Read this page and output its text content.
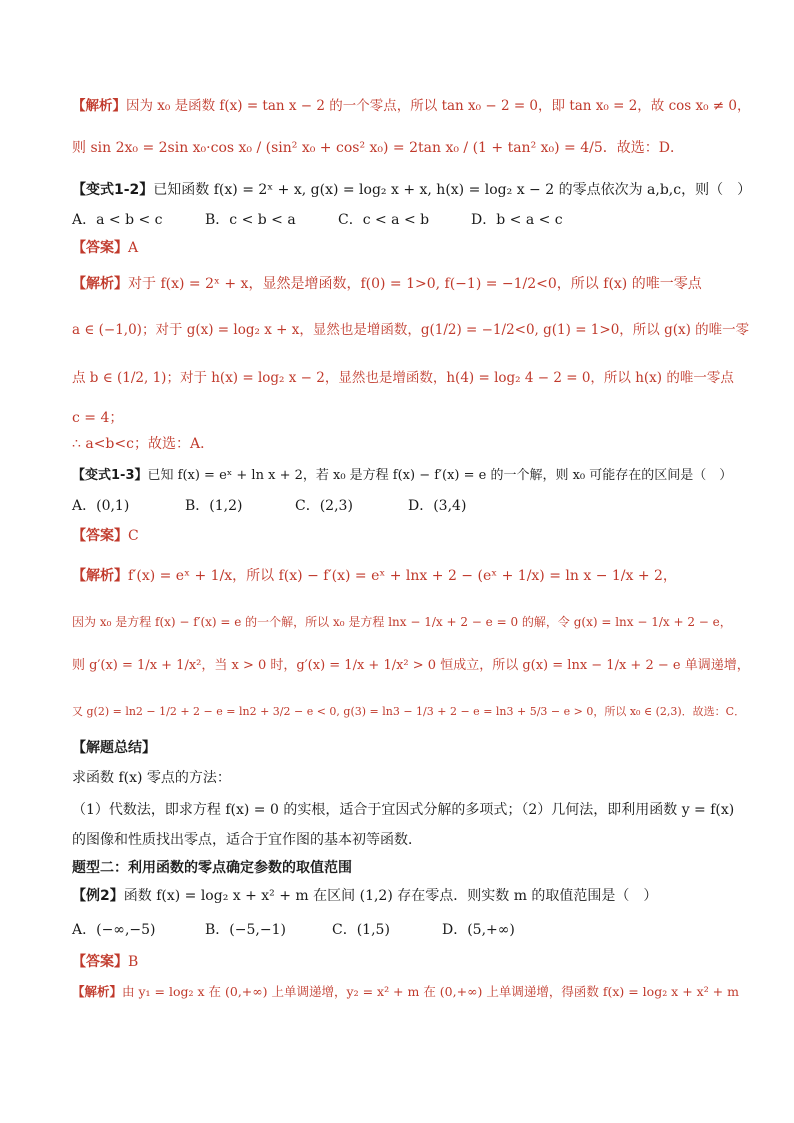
【解析】因为 x₀ 是函数 f(x) = tan x − 2 的一个零点，所以 tan x₀ − 2 = 0，即 tan x₀ = 2，故 cos x₀ ≠ 0，
则 sin 2x₀ = 2sin x₀·cos x₀ / (sin² x₀ + cos² x₀) = 2tan x₀ / (1 + tan² x₀) = 4/5．故选：D．
【变式1-2】已知函数 f(x) = 2ˣ + x, g(x) = log₂ x + x, h(x) = log₂ x − 2 的零点依次为 a,b,c，则（　）
A．a < b < c	B．c < b < a	C．c < a < b	D．b < a < c
【答案】A
【解析】对于 f(x) = 2ˣ + x，显然是增函数，f(0) = 1>0, f(−1) = −1/2<0，所以 f(x) 的唯一零点
a ∈ (−1,0)；对于 g(x) = log₂ x + x，显然也是增函数，g(1/2) = −1/2<0, g(1) = 1>0，所以 g(x) 的唯一零
点 b ∈ (1/2, 1)；对于 h(x) = log₂ x − 2，显然也是增函数，h(4) = log₂ 4 − 2 = 0，所以 h(x) 的唯一零点
c = 4；
∴ a<b<c；故选：A．
【变式1-3】已知 f(x) = eˣ + ln x + 2，若 x₀ 是方程 f(x) − f′(x) = e 的一个解，则 x₀ 可能存在的区间是（　）
A．(0,1)	B．(1,2)	C．(2,3)	D．(3,4)
【答案】C
【解析】f′(x) = eˣ + 1/x，所以 f(x) − f′(x) = eˣ + lnx + 2 − (eˣ + 1/x) = ln x − 1/x + 2，
因为 x₀ 是方程 f(x) − f′(x) = e 的一个解，所以 x₀ 是方程 lnx − 1/x + 2 − e = 0 的解，令 g(x) = lnx − 1/x + 2 − e，
则 g′(x) = 1/x + 1/x²，当 x > 0 时，g′(x) = 1/x + 1/x² > 0 恒成立，所以 g(x) = lnx − 1/x + 2 − e 单调递增，
又 g(2) = ln2 − 1/2 + 2 − e = ln2 + 3/2 − e < 0, g(3) = ln3 − 1/3 + 2 − e = ln3 + 5/3 − e > 0，所以 x₀ ∈ (2,3)．故选：C．
【解题总结】
求函数 f(x) 零点的方法：
（1）代数法，即求方程 f(x) = 0 的实根，适合于宜因式分解的多项式；（2）几何法，即利用函数 y = f(x)
的图像和性质找出零点，适合于宜作图的基本初等函数．
题型二：利用函数的零点确定参数的取值范围
【例2】函数 f(x) = log₂ x + x² + m 在区间 (1,2) 存在零点．则实数 m 的取值范围是（　）
A．(−∞,−5)	B．(−5,−1)	C．(1,5)	D．(5,+∞)
【答案】B
【解析】由 y₁ = log₂ x 在 (0,+∞) 上单调递增，y₂ = x² + m 在 (0,+∞) 上单调递增，得函数 f(x) = log₂ x + x² + m
